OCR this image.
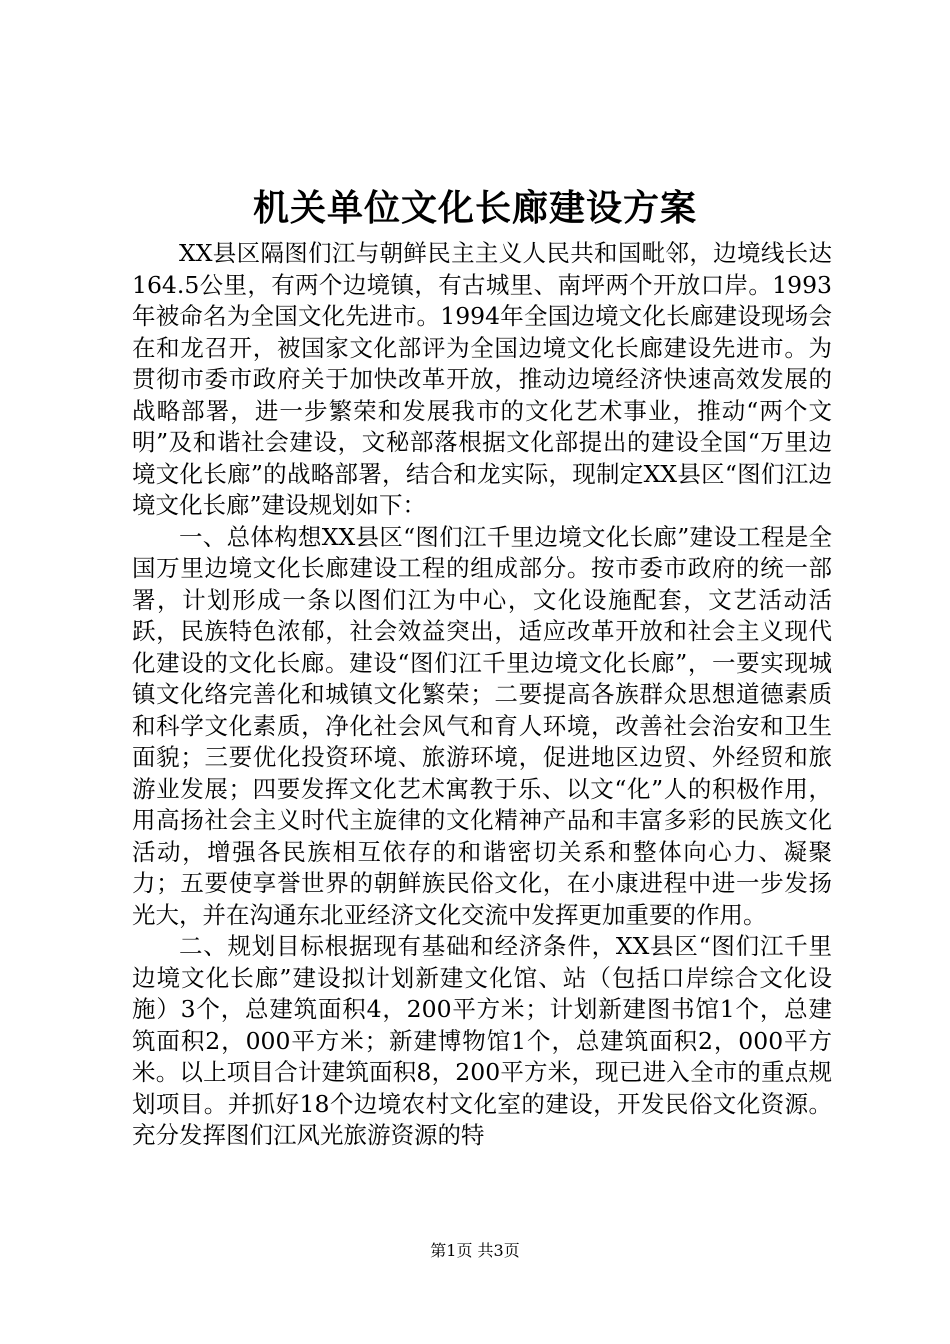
机关单位文化长廊建设方案

XX县区隔图们江与朝鲜民主主义人民共和国毗邻，边境线长达164.5公里，有两个边境镇，有古城里、南坪两个开放口岸。1993年被命名为全国文化先进市。1994年全国边境文化长廊建设现场会在和龙召开，被国家文化部评为全国边境文化长廊建设先进市。为贯彻市委市政府关于加快改革开放，推动边境经济快速高效发展的战略部署，进一步繁荣和发展我市的文化艺术事业，推动“两个文明”及和谐社会建设，文秘部落根据文化部提出的建设全国“万里边境文化长廊”的战略部署，结合和龙实际，现制定XX县区“图们江边境文化长廊”建设规划如下：

一、总体构想XX县区“图们江千里边境文化长廊”建设工程是全国万里边境文化长廊建设工程的组成部分。按市委市政府的统一部署，计划形成一条以图们江为中心，文化设施配套，文艺活动活跃，民族特色浓郁，社会效益突出，适应改革开放和社会主义现代化建设的文化长廊。建设“图们江千里边境文化长廊”，一要实现城镇文化络完善化和城镇文化繁荣；二要提高各族群众思想道德素质和科学文化素质，净化社会风气和育人环境，改善社会治安和卫生面貌；三要优化投资环境、旅游环境，促进地区边贸、外经贸和旅游业发展；四要发挥文化艺术寓教于乐、以文“化”人的积极作用，用高扬社会主义时代主旋律的文化精神产品和丰富多彩的民族文化活动，增强各民族相互依存的和谐密切关系和整体向心力、凝聚力；五要使享誉世界的朝鲜族民俗文化，在小康进程中进一步发扬光大，并在沟通东北亚经济文化交流中发挥更加重要的作用。

二、规划目标根据现有基础和经济条件，XX县区“图们江千里边境文化长廊”建设拟计划新建文化馆、站（包括口岸综合文化设施）3个，总建筑面积4，200平方米；计划新建图书馆1个，总建筑面积2，000平方米；新建博物馆1个，总建筑面积2，000平方米。以上项目合计建筑面积8，200平方米，现已进入全市的重点规划项目。并抓好18个边境农村文化室的建设，开发民俗文化资源。充分发挥图们江风光旅游资源的特

第1页 共3页
